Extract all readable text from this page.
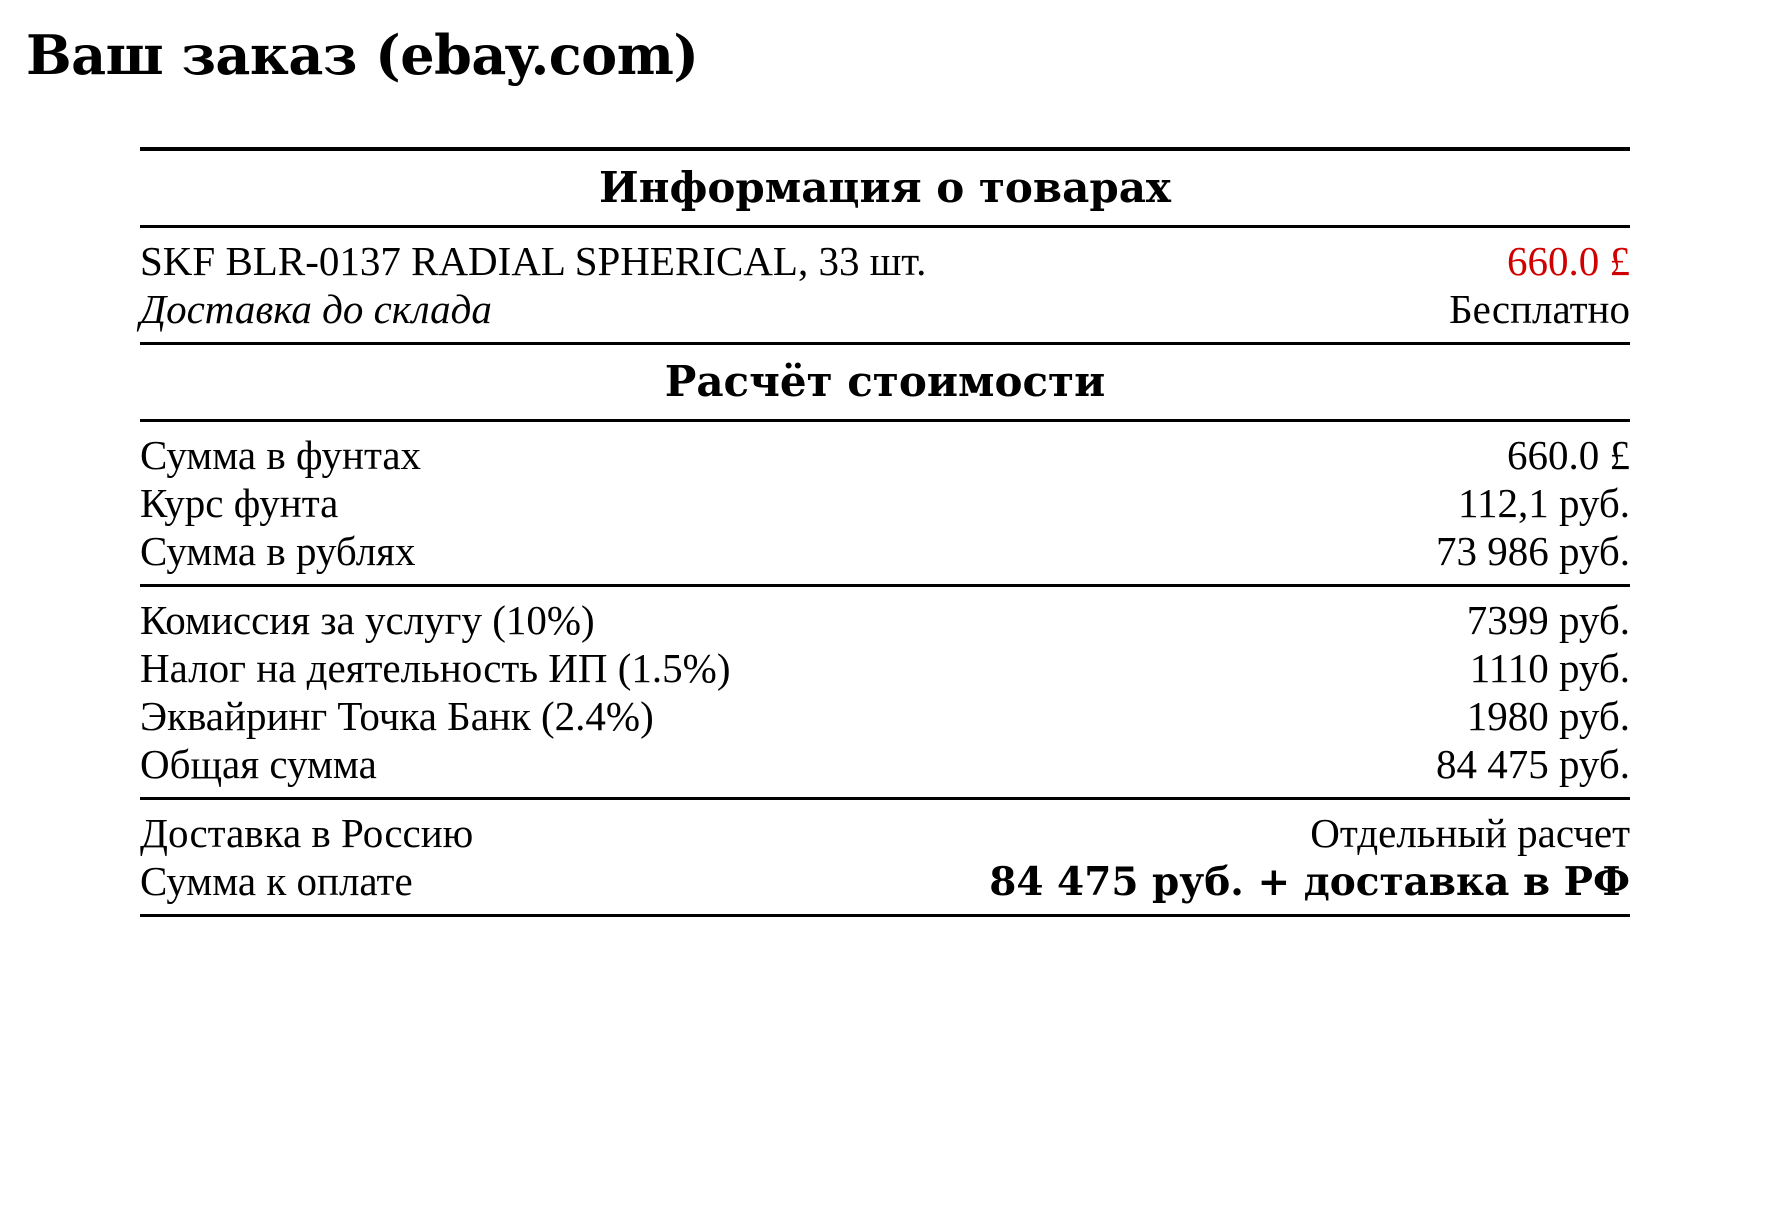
Ваш заказ (ebay.com)

Информация о товарах	

SKF BLR-0137 RADIAL SPHERICAL, 33 шт.	660.0 £
Доставка до склада	Бесплатно

Расчёт стоимости	

Сумма в фунтах	660.0 £
Курс фунта	112,1 руб.
Сумма в рублях	73 986 руб.

Комиссия за услугу (10%)	7399 руб.
Налог на деятельность ИП (1.5%)	1110 руб.
Эквайринг Точка Банк (2.4%)	1980 руб.
Общая сумма	84 475 руб.

Доставка в Россию	Отдельный расчет
Сумма к оплате	84 475 руб. + доставка в РФ
